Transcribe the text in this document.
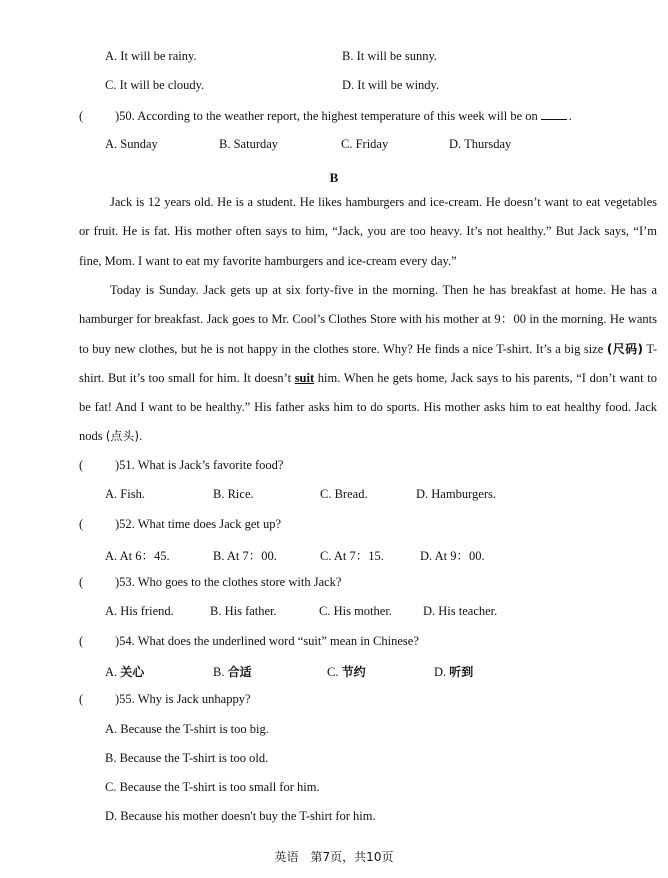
A. It will be rainy.	B. It will be sunny.
C. It will be cloudy.	D. It will be windy.
(	)50. According to the weather report, the highest temperature of this week will be on .
A. Sunday	B. Saturday	C. Friday	D. Thursday
B
Jack is 12 years old. He is a student. He likes hamburgers and ice-cream. He doesn’t want to eat vegetables or fruit. He is fat. His mother often says to him, “Jack, you are too heavy. It’s not healthy.” But Jack says, “I’m fine, Mom. I want to eat my favorite hamburgers and ice-cream every day.”
Today is Sunday. Jack gets up at six forty-five in the morning. Then he has breakfast at home. He has a hamburger for breakfast. Jack goes to Mr. Cool’s Clothes Store with his mother at 9：00 in the morning. He wants to buy new clothes, but he is not happy in the clothes store. Why? He finds a nice T-shirt. It’s a big size (尺码) T-shirt. But it’s too small for him. It doesn’t suit him. When he gets home, Jack says to his parents, “I don’t want to be fat! And I want to be healthy.” His father asks him to do sports. His mother asks him to eat healthy food. Jack nods (点头).
(	)51. What is Jack’s favorite food?
A. Fish.	B. Rice.	C. Bread.	D. Hamburgers.
(	)52. What time does Jack get up?
A. At 6：45.	B. At 7：00.	C. At 7：15.	D. At 9：00.
(	)53. Who goes to the clothes store with Jack?
A. His friend.	B. His father.	C. His mother. D. His teacher.
(	)54. What does the underlined word “suit” mean in Chinese?
A. 关心	B. 合适	C. 节约	D. 听到
(	)55. Why is Jack unhappy?
A. Because the T-shirt is too big.
B. Because the T-shirt is too old.
C. Because the T-shirt is too small for him.
D. Because his mother doesn't buy the T-shirt for him.
英语　第7页，共10页
